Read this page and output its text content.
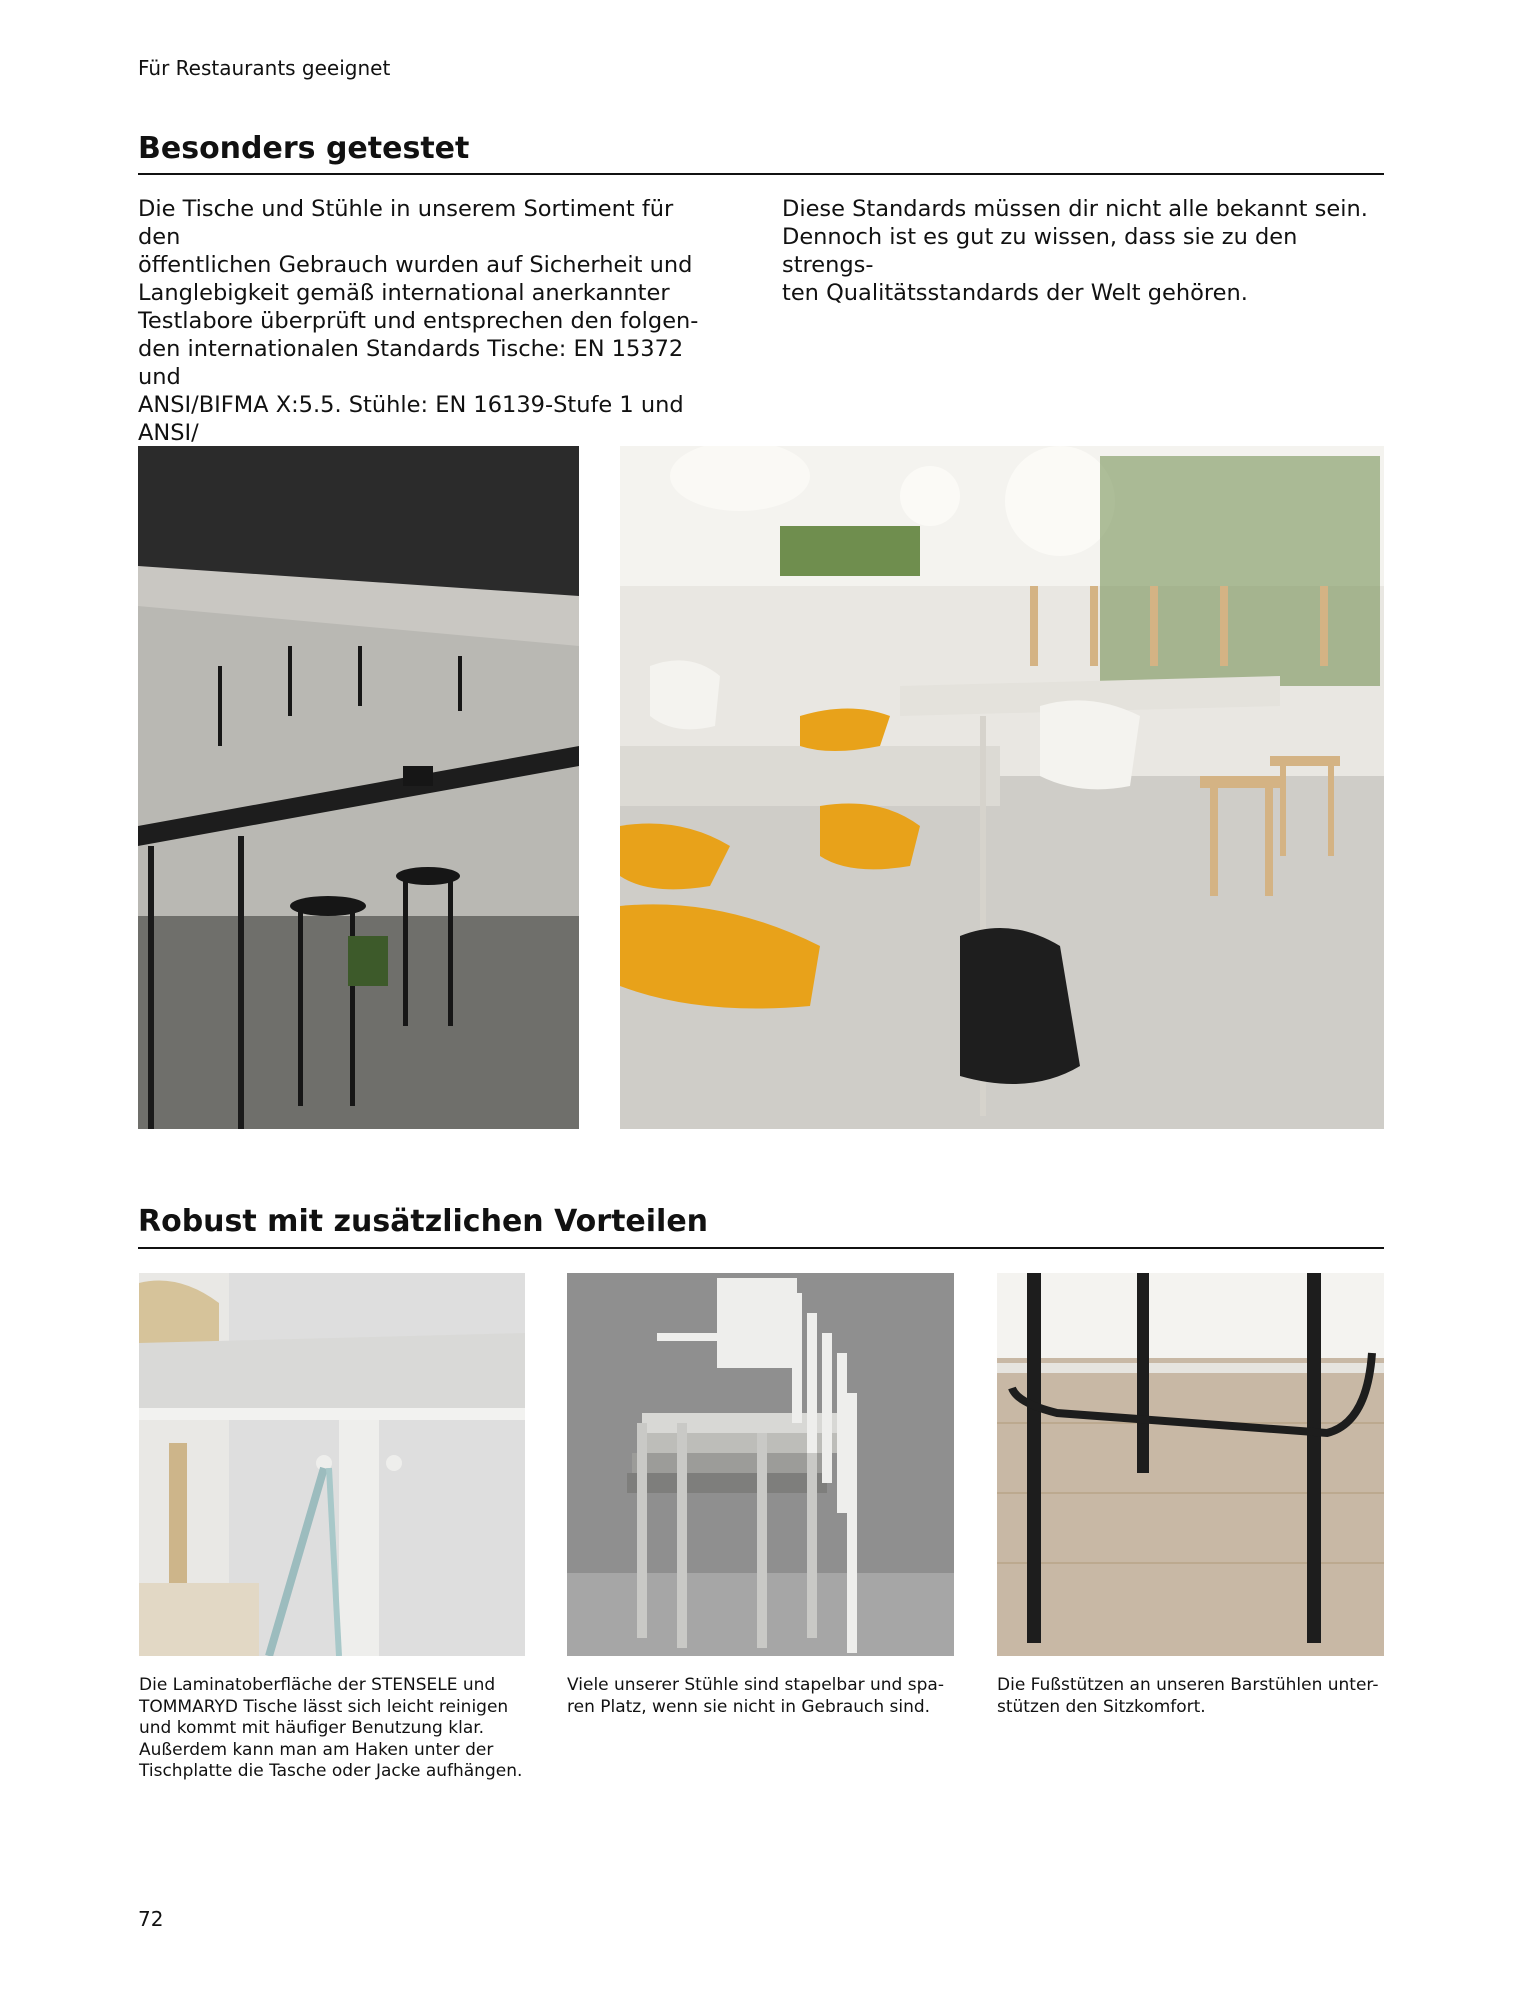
Für Restaurants geeignet
Besonders getestet
Die Tische und Stühle in unserem Sortiment für den
öffentlichen Gebrauch wurden auf Sicherheit und
Langlebigkeit gemäß international anerkannter
Testlabore überprüft und entsprechen den folgen-
den internationalen Standards Tische: EN 15372 und
ANSI/BIFMA X:5.5. Stühle: EN 16139-Stufe 1 und ANSI/

Diese Standards müssen dir nicht alle bekannt sein.
Dennoch ist es gut zu wissen, dass sie zu den strengs-
ten Qualitätsstandards der Welt gehören.
Robust mit zusätzlichen Vorteilen
Die Laminatoberfläche der STENSELE und
TOMMARYD Tische lässt sich leicht reinigen
und kommt mit häufiger Benutzung klar.
Außerdem kann man am Haken unter der
Tischplatte die Tasche oder Jacke aufhängen.
Viele unserer Stühle sind stapelbar und spa-
ren Platz, wenn sie nicht in Gebrauch sind.
Die Fußstützen an unseren Barstühlen unter-
stützen den Sitzkomfort.
72
